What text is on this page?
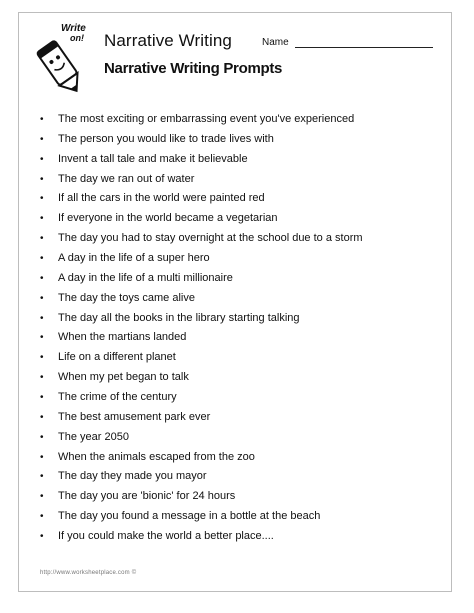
Write
on! Narrative Writing	Name
Narrative Writing Prompts
• The most exciting or embarrassing event you've experienced
• The person you would like to trade lives with
• Invent a tall tale and make it believable
• The day we ran out of water
• If all the cars in the world were painted red
• If everyone in the world became a vegetarian
• The day you had to stay overnight at the school due to a storm
• A day in the life of a super hero
• A day in the life of a multi millionaire
• The day the toys came alive
• The day all the books in the library starting talking
• When the martians landed
• Life on a different planet
• When my pet began to talk
• The crime of the century
• The best amusement park ever
• The year 2050
• When the animals escaped from the zoo
• The day they made you mayor
• The day you are 'bionic' for 24 hours
• The day you found a message in a bottle at the beach
• If you could make the world a better place....
http://www.worksheetplace.com ©
